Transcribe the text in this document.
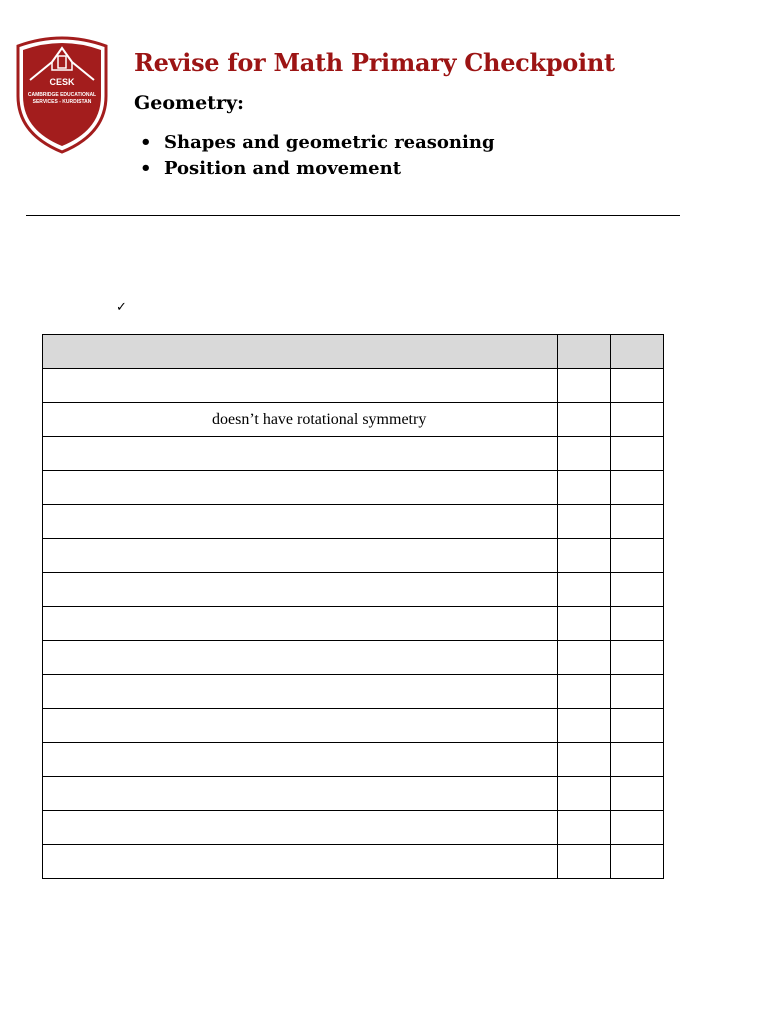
CESK
CAMBRIDGE EDUCATIONAL
SERVICES - KURDISTAN
Revise for Math Primary Checkpoint
Geometry:
• Shapes and geometric reasoning
• Position and movement
✓

doesn’t have rotational symmetry		
